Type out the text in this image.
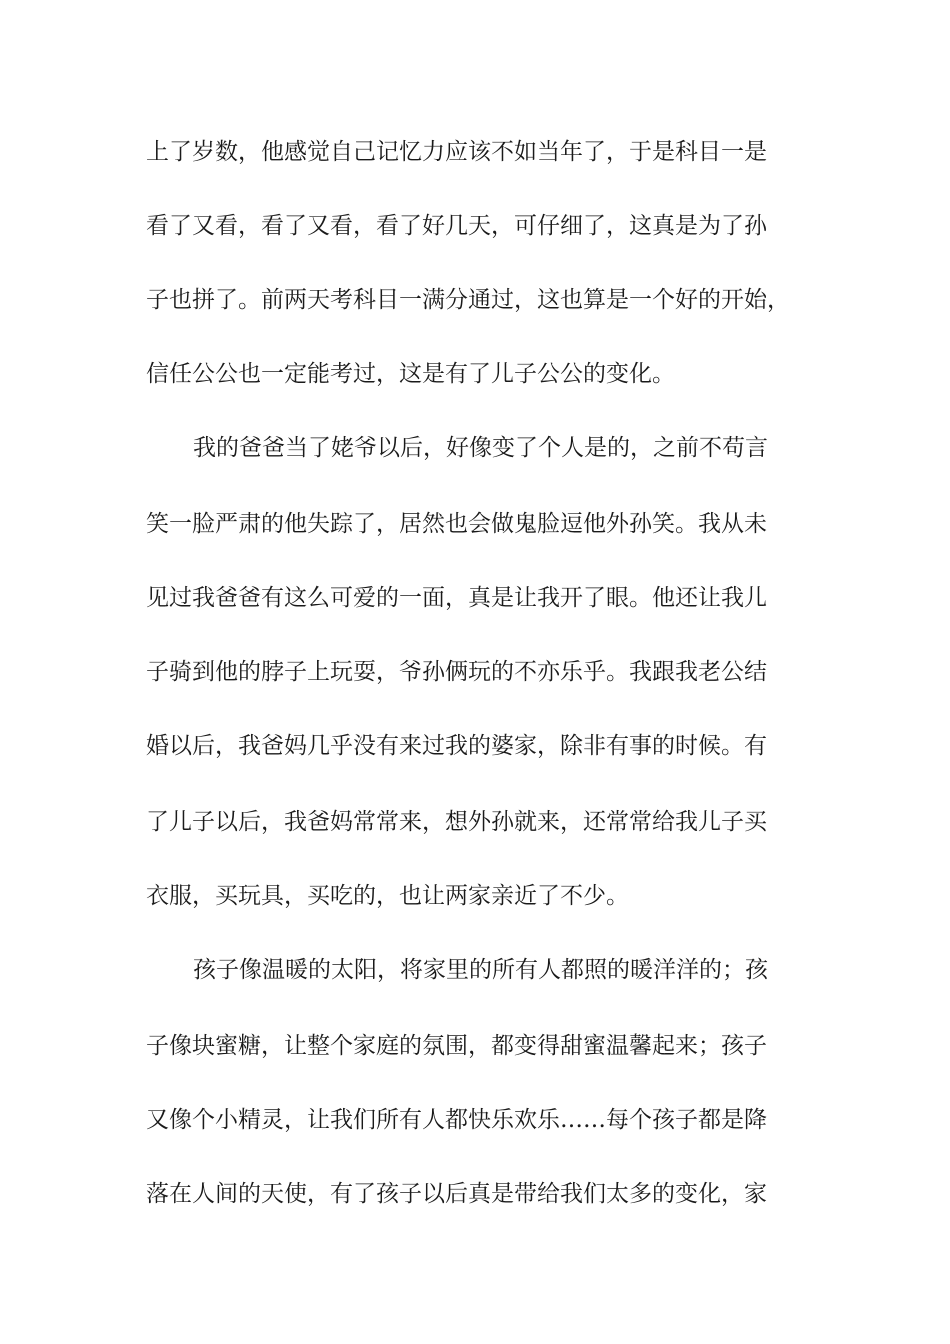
上了岁数，他感觉自己记忆力应该不如当年了，于是科目一是
看了又看，看了又看，看了好几天，可仔细了，这真是为了孙
子也拼了。前两天考科目一满分通过，这也算是一个好的开始，
信任公公也一定能考过，这是有了儿子公公的变化。
我的爸爸当了姥爷以后，好像变了个人是的，之前不苟言
笑一脸严肃的他失踪了，居然也会做鬼脸逗他外孙笑。我从未
见过我爸爸有这么可爱的一面，真是让我开了眼。他还让我儿
子骑到他的脖子上玩耍，爷孙俩玩的不亦乐乎。我跟我老公结
婚以后，我爸妈几乎没有来过我的婆家，除非有事的时候。有
了儿子以后，我爸妈常常来，想外孙就来，还常常给我儿子买
衣服，买玩具，买吃的，也让两家亲近了不少。
孩子像温暖的太阳，将家里的所有人都照的暖洋洋的；孩
子像块蜜糖，让整个家庭的氛围，都变得甜蜜温馨起来；孩子
又像个小精灵，让我们所有人都快乐欢乐……每个孩子都是降
落在人间的天使，有了孩子以后真是带给我们太多的变化，家
